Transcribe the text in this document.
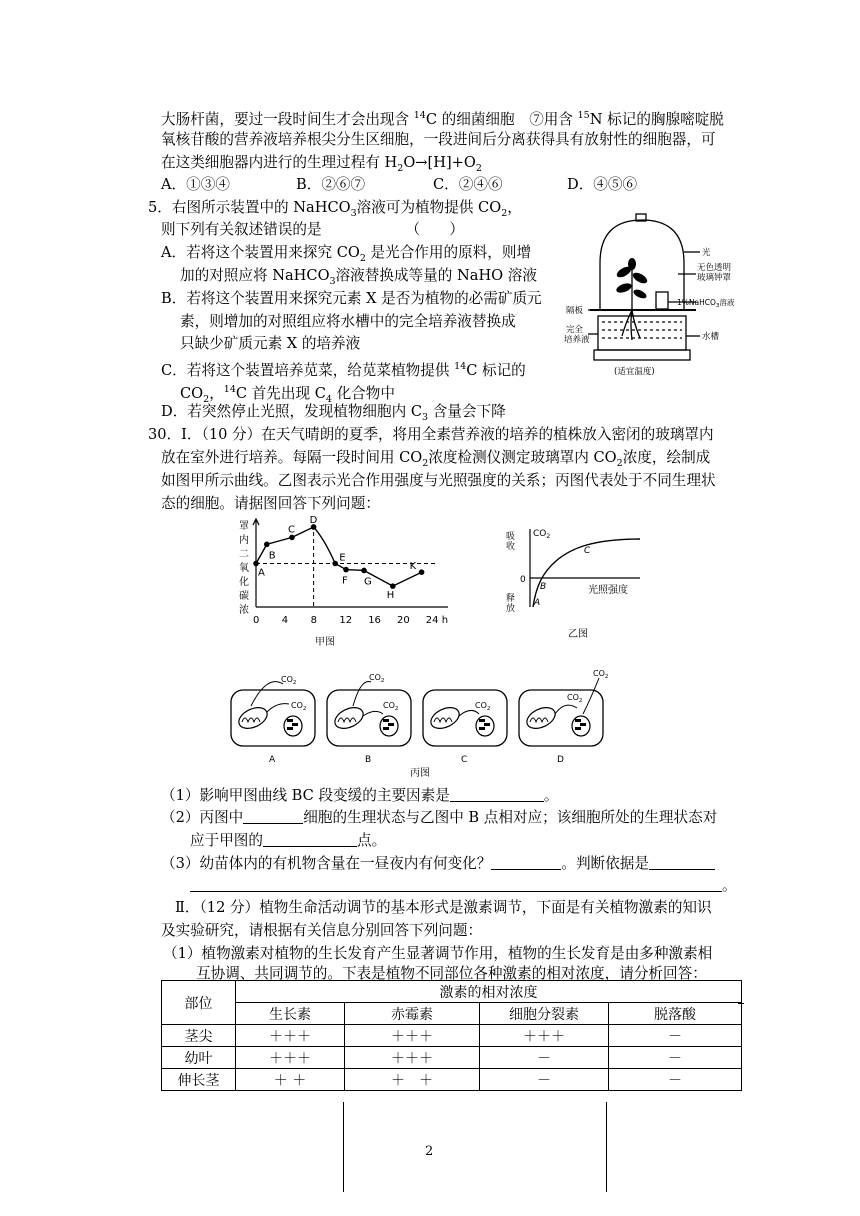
大肠杆菌，要过一段时间生才会出现含 $^{14}$C 的细菌细胞　⑦用含 $^{15}$N 标记的胸腺嘧啶脱
氧核苷酸的营养液培养根尖分生区细胞，一段进间后分离获得具有放射性的细胞器，可
在这类细胞器内进行的生理过程有 $H_2O\to[H]+O_2$
A．①③④	B．②⑥⑦	C．②④⑥	D．④⑤⑥
5．右图所示装置中的 NaHCO$_3$溶液可为植物提供 $CO_2$，
则下列有关叙述错误的是	（　　）
A．若将这个装置用来探究 $CO_2$ 是光合作用的原料，则增
加的对照应将 NaHCO$_3$溶液替换成等量的 NaHO 溶液
B．若将这个装置用来探究元素 X 是否为植物的必需矿质元
素，则增加的对照组应将水槽中的完全培养液替换成
只缺少矿质元素 X 的培养液
C．若将这个装置培养苋菜，给苋菜植物提供 $^{14}$C 标记的
$CO_2$，$^{14}$C 首先出现 $C_4$ 化合物中
D．若突然停止光照，发现植物细胞内 $C_3$ 含量会下降
光
无色透明
玻璃钟罩
1%NaHCO$_3$溶液
隔板
完全
培养液	水槽
(适宜温度)
30．Ⅰ．（10 分）在天气晴朗的夏季，将用全素营养液的培养的植株放入密闭的玻璃罩内
放在室外进行培养。每隔一段时间用 $CO_2$浓度检测仪测定玻璃罩内 $CO_2$浓度，绘制成
如图甲所示曲线。乙图表示光合作用强度与光照强度的关系；丙图代表处于不同生理状
态的细胞。请据图回答下列问题：
罩
内
二
氧
化
碳
浓
0 4 8 12 16 20 24 h
A
B
C
D
E
F G
H
K
甲图
吸
收
$CO_2$
0
光照强度
释
放
A
B
C
乙图
$CO_2$
$CO_2$
A
$CO_2$
$CO_2$
B
$CO_2$
C
$CO_2$
$CO_2$
D
丙图
（1）影响甲图曲线 BC 段变缓的主要因素是	。
（2）丙图中	细胞的生理状态与乙图中 B 点相对应；该细胞所处的生理状态对
应于甲图的	点。
（3）幼苗体内的有机物含量在一昼夜内有何变化？	。判断依据是
。
Ⅱ．（12 分）植物生命活动调节的基本形式是激素调节，下面是有关植物激素的知识
及实验研究，请根据有关信息分别回答下列问题：
（1）植物激素对植物的生长发育产生显著调节作用，植物的生长发育是由多种激素相
互协调、共同调节的。下表是植物不同部位各种激素的相对浓度，请分析回答：
部位	激素的相对浓度			
	生长素	赤霉素	细胞分裂素	脱落酸
茎尖	＋＋＋	＋＋＋	＋＋＋	－
幼叶	＋＋＋	＋＋＋	－	－
伸长茎	＋ ＋	＋　＋	－	－
2
